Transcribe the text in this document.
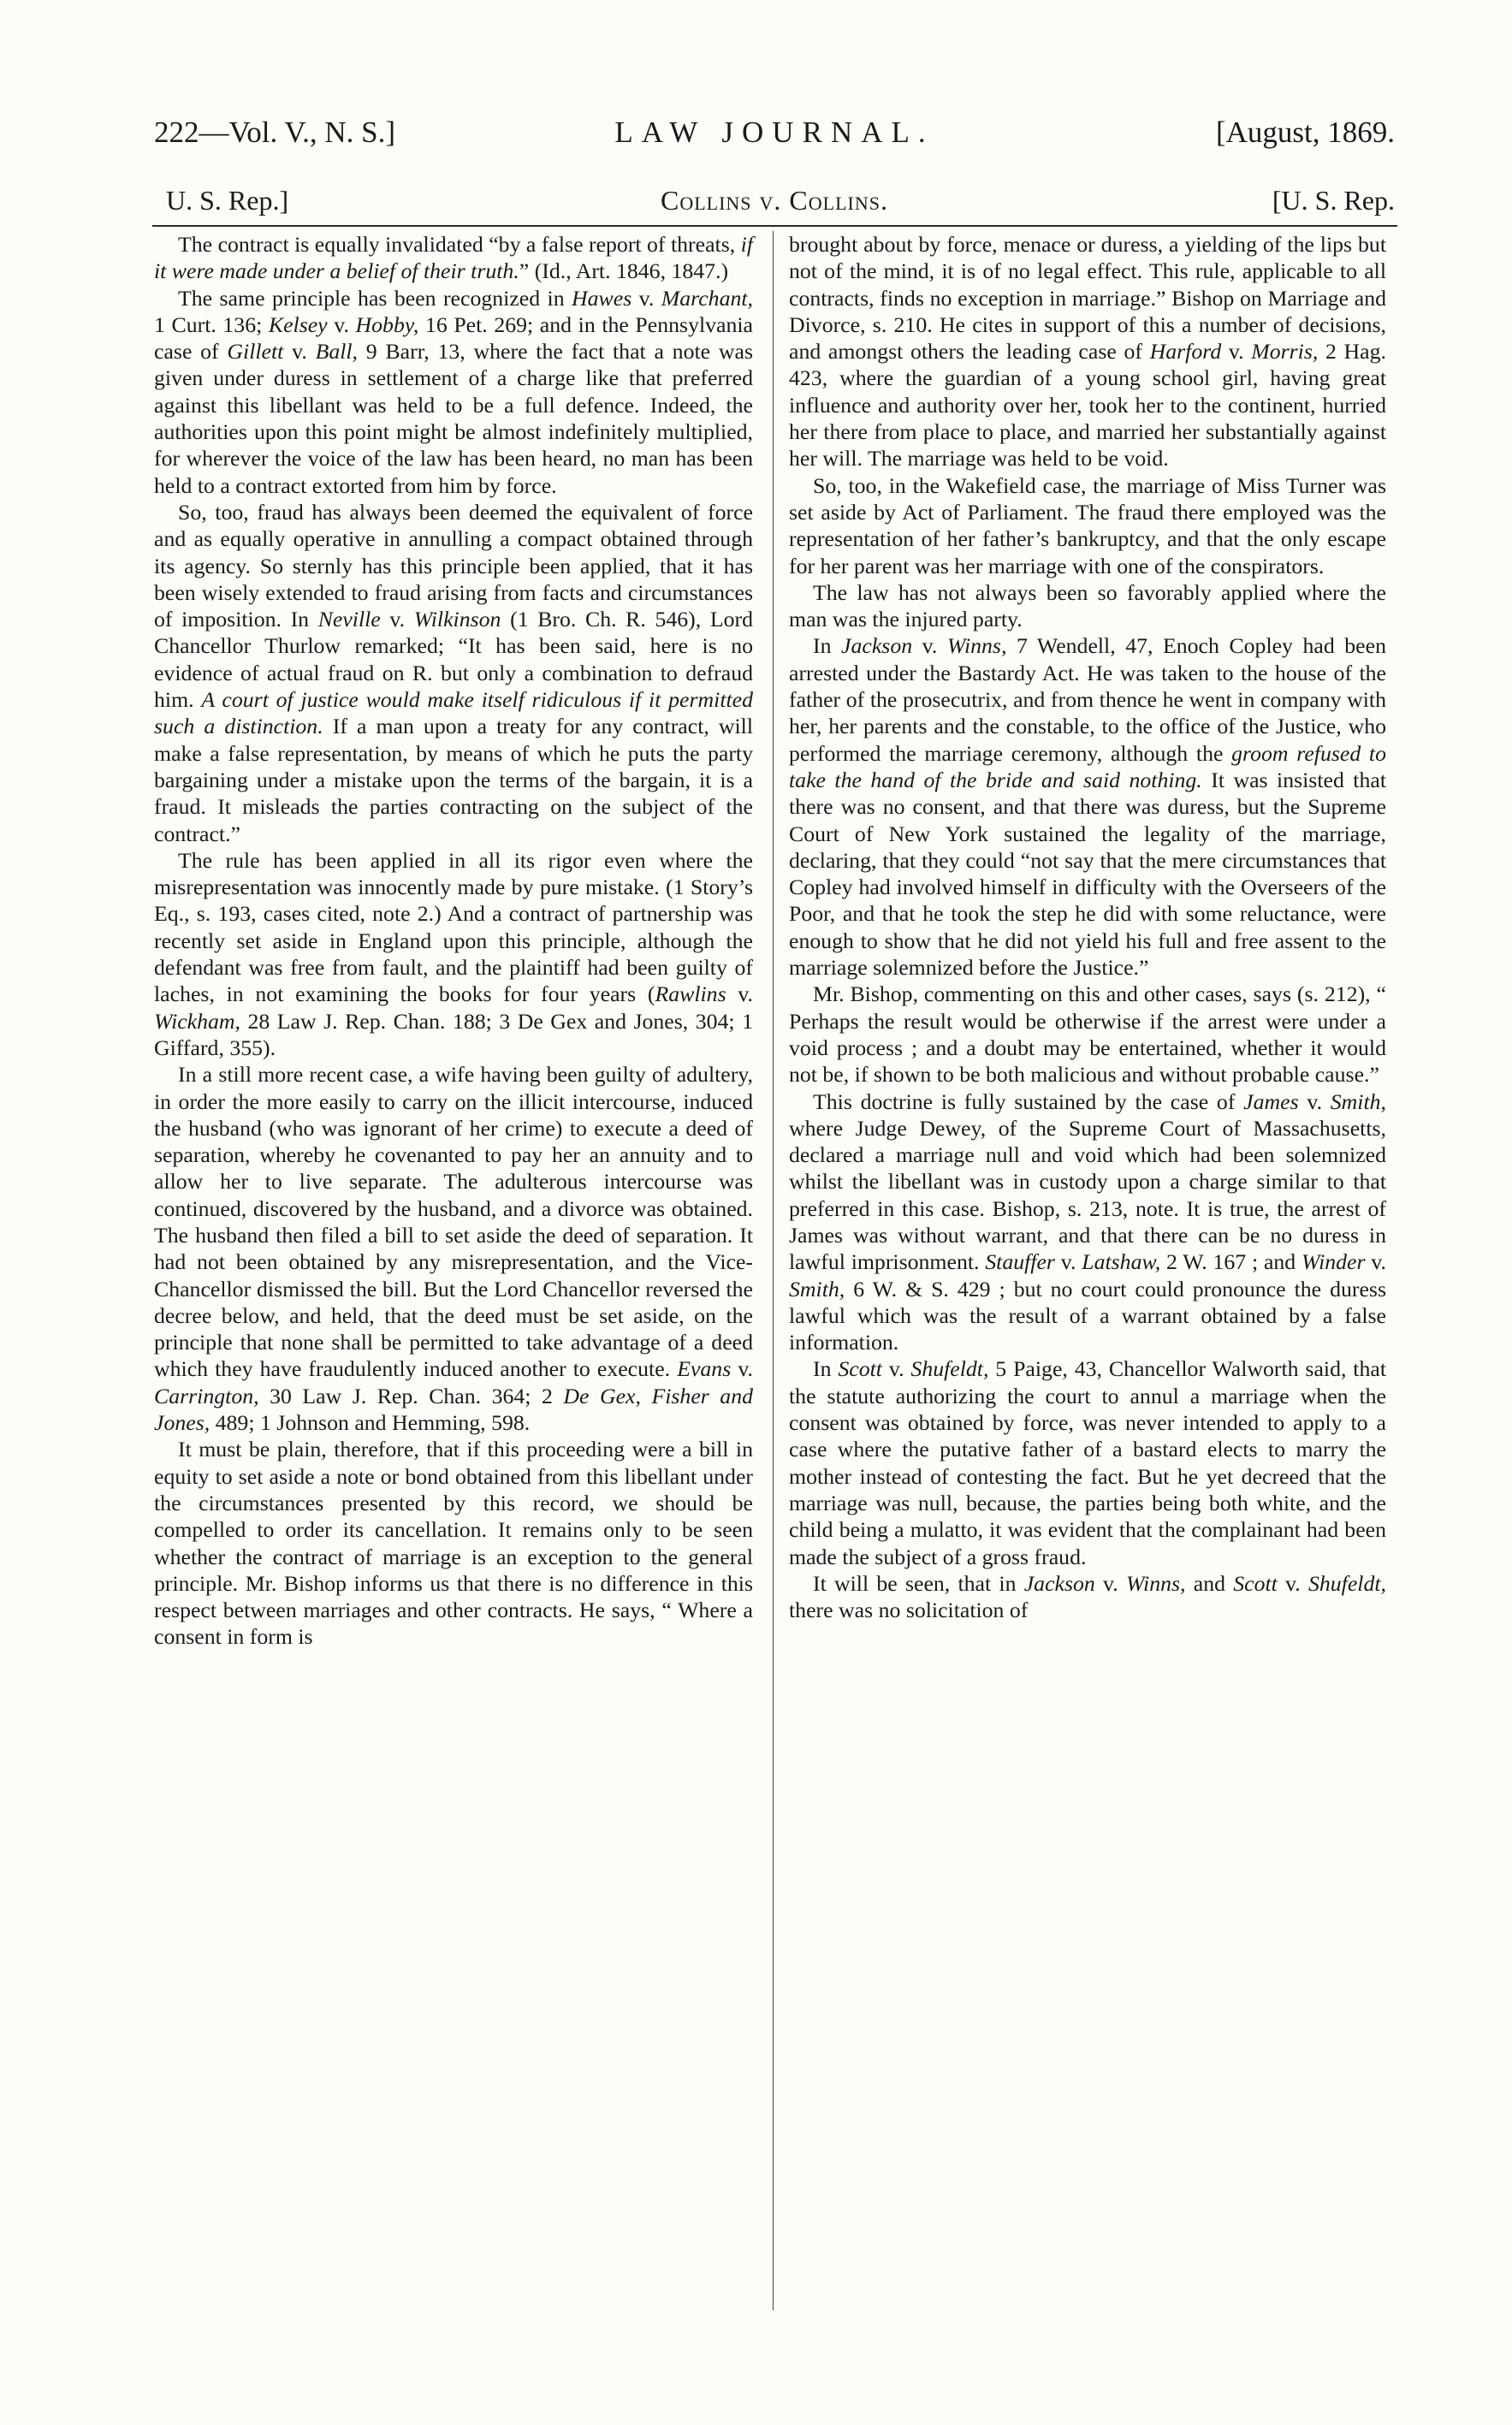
222—Vol. V., N. S.]	LAW JOURNAL.	[August, 1869.
U. S. Rep.]	Collins v. Collins.	[U. S. Rep.

The contract is equally invalidated “by a false report of threats, if it were made under a belief of their truth.” (Id., Art. 1846, 1847.)

The same principle has been recognized in Hawes v. Marchant, 1 Curt. 136; Kelsey v. Hobby, 16 Pet. 269; and in the Pennsylvania case of Gillett v. Ball, 9 Barr, 13, where the fact that a note was given under duress in settlement of a charge like that preferred against this libellant was held to be a full defence. Indeed, the authorities upon this point might be almost indefinitely multiplied, for wherever the voice of the law has been heard, no man has been held to a contract extorted from him by force.

So, too, fraud has always been deemed the equivalent of force and as equally operative in annulling a compact obtained through its agency. So sternly has this principle been applied, that it has been wisely extended to fraud arising from facts and circumstances of imposition. In Neville v. Wilkinson (1 Bro. Ch. R. 546), Lord Chancellor Thurlow remarked; “It has been said, here is no evidence of actual fraud on R. but only a combination to defraud him. A court of justice would make itself ridiculous if it permitted such a distinction. If a man upon a treaty for any contract, will make a false representation, by means of which he puts the party bargaining under a mistake upon the terms of the bargain, it is a fraud. It misleads the parties contracting on the subject of the contract.”

The rule has been applied in all its rigor even where the misrepresentation was innocently made by pure mistake. (1 Story’s Eq., s. 193, cases cited, note 2.) And a contract of partnership was recently set aside in England upon this principle, although the defendant was free from fault, and the plaintiff had been guilty of laches, in not examining the books for four years (Rawlins v. Wickham, 28 Law J. Rep. Chan. 188; 3 De Gex and Jones, 304; 1 Giffard, 355).

In a still more recent case, a wife having been guilty of adultery, in order the more easily to carry on the illicit intercourse, induced the husband (who was ignorant of her crime) to execute a deed of separation, whereby he covenanted to pay her an annuity and to allow her to live separate. The adulterous intercourse was continued, discovered by the husband, and a divorce was obtained. The husband then filed a bill to set aside the deed of separation. It had not been obtained by any misrepresentation, and the Vice-Chancellor dismissed the bill. But the Lord Chancellor reversed the decree below, and held, that the deed must be set aside, on the principle that none shall be permitted to take advantage of a deed which they have fraudulently induced another to execute. Evans v. Carrington, 30 Law J. Rep. Chan. 364; 2 De Gex, Fisher and Jones, 489; 1 Johnson and Hemming, 598.

It must be plain, therefore, that if this proceeding were a bill in equity to set aside a note or bond obtained from this libellant under the circumstances presented by this record, we should be compelled to order its cancellation. It remains only to be seen whether the contract of marriage is an exception to the general principle. Mr. Bishop informs us that there is no difference in this respect between marriages and other contracts. He says, “ Where a consent in form is

brought about by force, menace or duress, a yielding of the lips but not of the mind, it is of no legal effect. This rule, applicable to all contracts, finds no exception in marriage.” Bishop on Marriage and Divorce, s. 210. He cites in support of this a number of decisions, and amongst others the leading case of Harford v. Morris, 2 Hag. 423, where the guardian of a young school girl, having great influence and authority over her, took her to the continent, hurried her there from place to place, and married her substantially against her will. The marriage was held to be void.

So, too, in the Wakefield case, the marriage of Miss Turner was set aside by Act of Parliament. The fraud there employed was the representation of her father’s bankruptcy, and that the only escape for her parent was her marriage with one of the conspirators.

The law has not always been so favorably applied where the man was the injured party.

In Jackson v. Winns, 7 Wendell, 47, Enoch Copley had been arrested under the Bastardy Act. He was taken to the house of the father of the prosecutrix, and from thence he went in company with her, her parents and the constable, to the office of the Justice, who performed the marriage ceremony, although the groom refused to take the hand of the bride and said nothing. It was insisted that there was no consent, and that there was duress, but the Supreme Court of New York sustained the legality of the marriage, declaring, that they could “not say that the mere circumstances that Copley had involved himself in difficulty with the Overseers of the Poor, and that he took the step he did with some reluctance, were enough to show that he did not yield his full and free assent to the marriage solemnized before the Justice.”

Mr. Bishop, commenting on this and other cases, says (s. 212), “ Perhaps the result would be otherwise if the arrest were under a void process ; and a doubt may be entertained, whether it would not be, if shown to be both malicious and without probable cause.”

This doctrine is fully sustained by the case of James v. Smith, where Judge Dewey, of the Supreme Court of Massachusetts, declared a marriage null and void which had been solemnized whilst the libellant was in custody upon a charge similar to that preferred in this case. Bishop, s. 213, note. It is true, the arrest of James was without warrant, and that there can be no duress in lawful imprisonment. Stauffer v. Latshaw, 2 W. 167 ; and Winder v. Smith, 6 W. & S. 429 ; but no court could pronounce the duress lawful which was the result of a warrant obtained by a false information.

In Scott v. Shufeldt, 5 Paige, 43, Chancellor Walworth said, that the statute authorizing the court to annul a marriage when the consent was obtained by force, was never intended to apply to a case where the putative father of a bastard elects to marry the mother instead of contesting the fact. But he yet decreed that the marriage was null, because, the parties being both white, and the child being a mulatto, it was evident that the complainant had been made the subject of a gross fraud.

It will be seen, that in Jackson v. Winns, and Scott v. Shufeldt, there was no solicitation of
